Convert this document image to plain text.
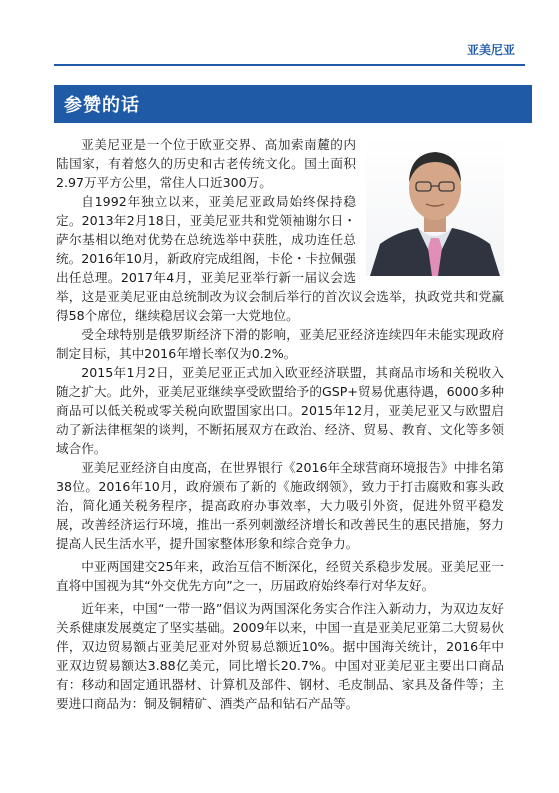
亚美尼亚
参赞的话

亚美尼亚是一个位于欧亚交界、高加索南麓的内陆国家，有着悠久的历史和古老传统文化。国土面积2.97万平方公里，常住人口近300万。

自1992年独立以来，亚美尼亚政局始终保持稳定。2013年2月18日，亚美尼亚共和党领袖谢尔日・萨尔基相以绝对优势在总统选举中获胜，成功连任总统。2016年10月，新政府完成组阁，卡伦・卡拉佩强出任总理。2017年4月，亚美尼亚举行新一届议会选举，这是亚美尼亚由总统制改为议会制后举行的首次议会选举，执政党共和党赢得58个席位，继续稳居议会第一大党地位。

受全球特别是俄罗斯经济下滑的影响，亚美尼亚经济连续四年未能实现政府制定目标，其中2016年增长率仅为0.2%。

2015年1月2日，亚美尼亚正式加入欧亚经济联盟，其商品市场和关税收入随之扩大。此外，亚美尼亚继续享受欧盟给予的GSP+贸易优惠待遇，6000多种商品可以低关税或零关税向欧盟国家出口。2015年12月，亚美尼亚又与欧盟启动了新法律框架的谈判，不断拓展双方在政治、经济、贸易、教育、文化等多领域合作。

亚美尼亚经济自由度高，在世界银行《2016年全球营商环境报告》中排名第38位。2016年10月，政府颁布了新的《施政纲领》，致力于打击腐败和寡头政治，简化通关税务程序，提高政府办事效率，大力吸引外资，促进外贸平稳发展，改善经济运行环境，推出一系列刺激经济增长和改善民生的惠民措施，努力提高人民生活水平，提升国家整体形象和综合竞争力。

中亚两国建交25年来，政治互信不断深化，经贸关系稳步发展。亚美尼亚一直将中国视为其“外交优先方向”之一，历届政府始终奉行对华友好。

近年来，中国“一带一路”倡议为两国深化务实合作注入新动力，为双边友好关系健康发展奠定了坚实基础。2009年以来，中国一直是亚美尼亚第二大贸易伙伴，双边贸易额占亚美尼亚对外贸易总额近10%。据中国海关统计，2016年中亚双边贸易额达3.88亿美元，同比增长20.7%。中国对亚美尼亚主要出口商品有：移动和固定通讯器材、计算机及部件、钢材、毛皮制品、家具及备件等；主要进口商品为：铜及铜精矿、酒类产品和钻石产品等。
